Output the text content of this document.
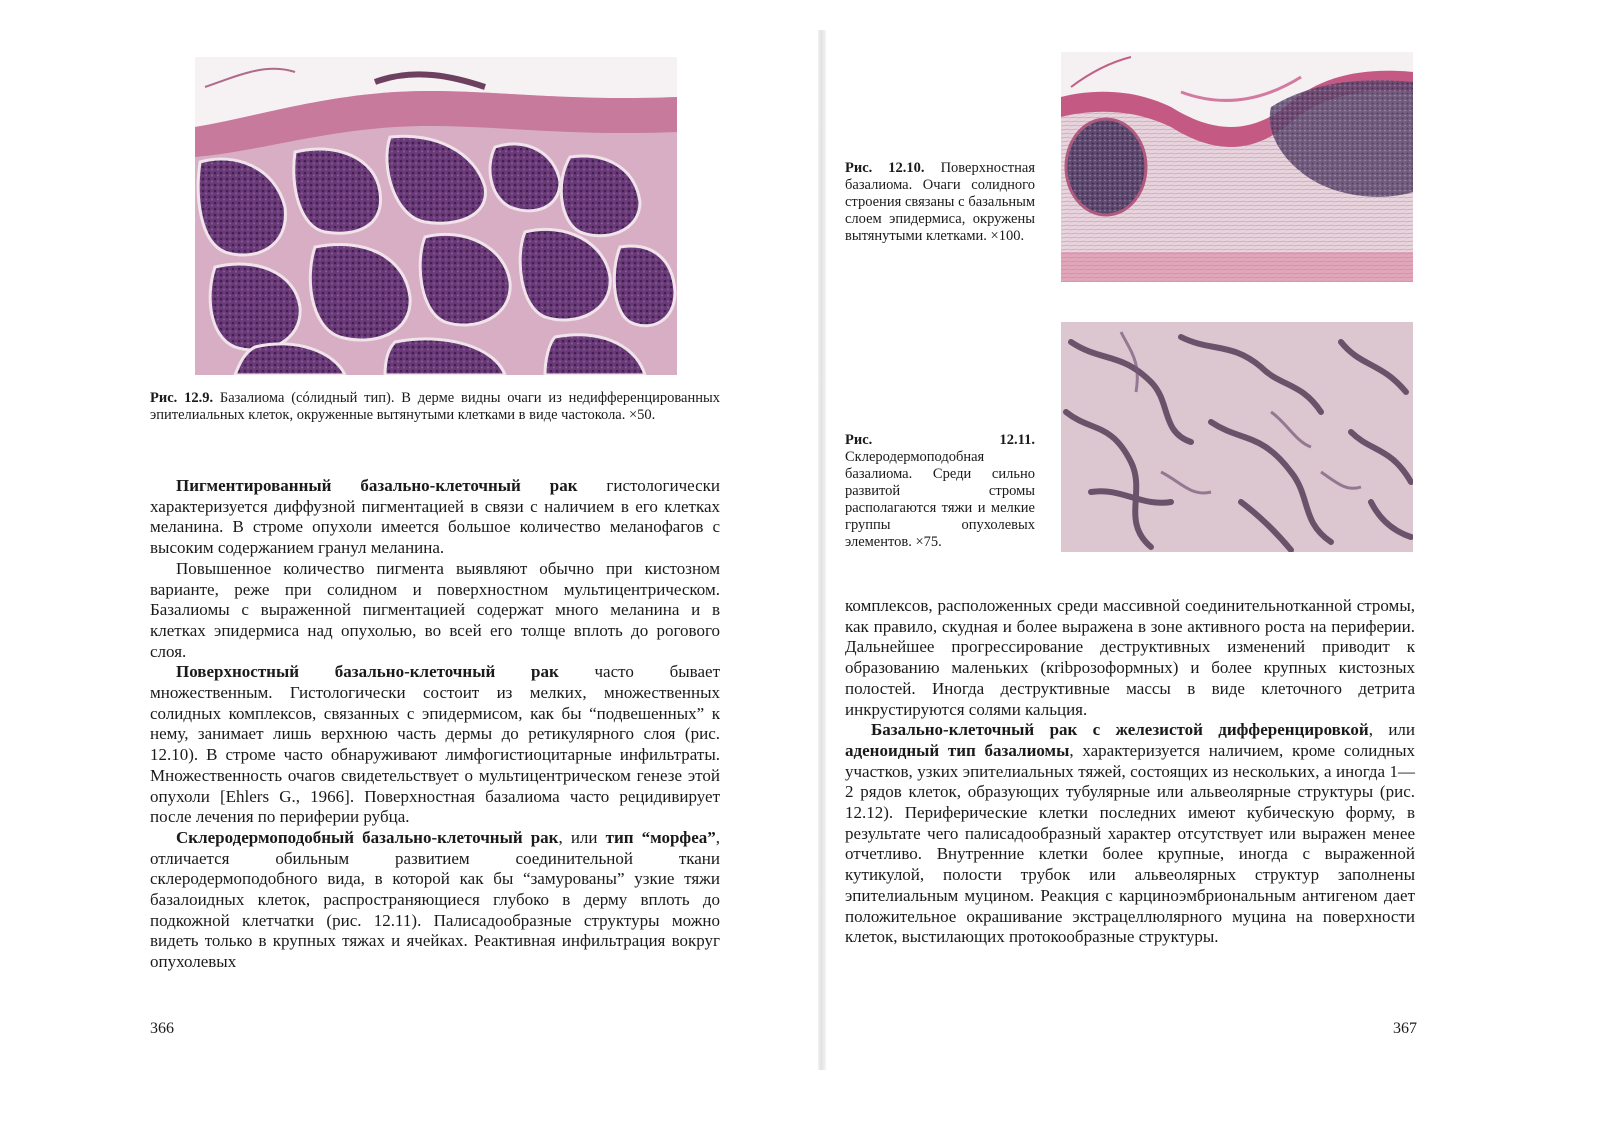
Рис. 12.9. Базалиома (сóлидный тип). В дерме видны очаги из недифференцированных эпителиальных клеток, окруженные вытянутыми клетками в виде частокола. ×50.

Пигментированный базально-клеточный рак гистологически характеризуется диффузной пигментацией в связи с наличием в его клетках меланина. В строме опухоли имеется большое количество меланофагов с высоким содержанием гранул меланина.

Повышенное количество пигмента выявляют обычно при кистозном варианте, реже при солидном и поверхностном мультицентрическом. Базалиомы с выраженной пигментацией содержат много меланина и в клетках эпидермиса над опухолью, во всей его толще вплоть до рогового слоя.

Поверхностный базально-клеточный рак часто бывает множественным. Гистологически состоит из мелких, множественных солидных комплексов, связанных с эпидермисом, как бы “подвешенных” к нему, занимает лишь верхнюю часть дермы до ретикулярного слоя (рис. 12.10). В строме часто обнаруживают лимфогистиоцитарные инфильтраты. Множественность очагов свидетельствует о мультицентрическом генезе этой опухоли [Ehlers G., 1966]. Поверхностная базалиома часто рецидивирует после лечения по периферии рубца.

Склеродермоподобный базально-клеточный рак, или тип “морфеа”, отличается обильным развитием соединительной ткани склеродермоподобного вида, в которой как бы “замурованы” узкие тяжи базалоидных клеток, распространяющиеся глубоко в дерму вплоть до подкожной клетчатки (рис. 12.11). Палисадообразные структуры можно видеть только в крупных тяжах и ячейках. Реактивная инфильтрация вокруг опухолевых

366

Рис. 12.10. Поверхностная базалиома. Очаги солидного строения связаны с базальным слоем эпидермиса, окружены вытянутыми клетками. ×100.

Рис. 12.11. Склеродермоподобная базалиома. Среди сильно развитой стромы располагаются тяжи и мелкие группы опухолевых элементов. ×75.

комплексов, расположенных среди массивной соединительнотканной стромы, как правило, скудная и более выражена в зоне активного роста на периферии. Дальнейшее прогрессирование деструктивных изменений приводит к образованию маленьких (кribрозоформных) и более крупных кистозных полостей. Иногда деструктивные массы в виде клеточного детрита инкрустируются солями кальция.

Базально-клеточный рак с железистой дифференцировкой, или аденоидный тип базалиомы, характеризуется наличием, кроме солидных участков, узких эпителиальных тяжей, состоящих из нескольких, а иногда 1—2 рядов клеток, образующих тубулярные или альвеолярные структуры (рис. 12.12). Периферические клетки последних имеют кубическую форму, в результате чего палисадообразный характер отсутствует или выражен менее отчетливо. Внутренние клетки более крупные, иногда с выраженной кутикулой, полости трубок или альвеолярных структур заполнены эпителиальным муцином. Реакция с карциноэмбриональным антигеном дает положительное окрашивание экстрацеллюлярного муцина на поверхности клеток, выстилающих протокообразные структуры.

367
